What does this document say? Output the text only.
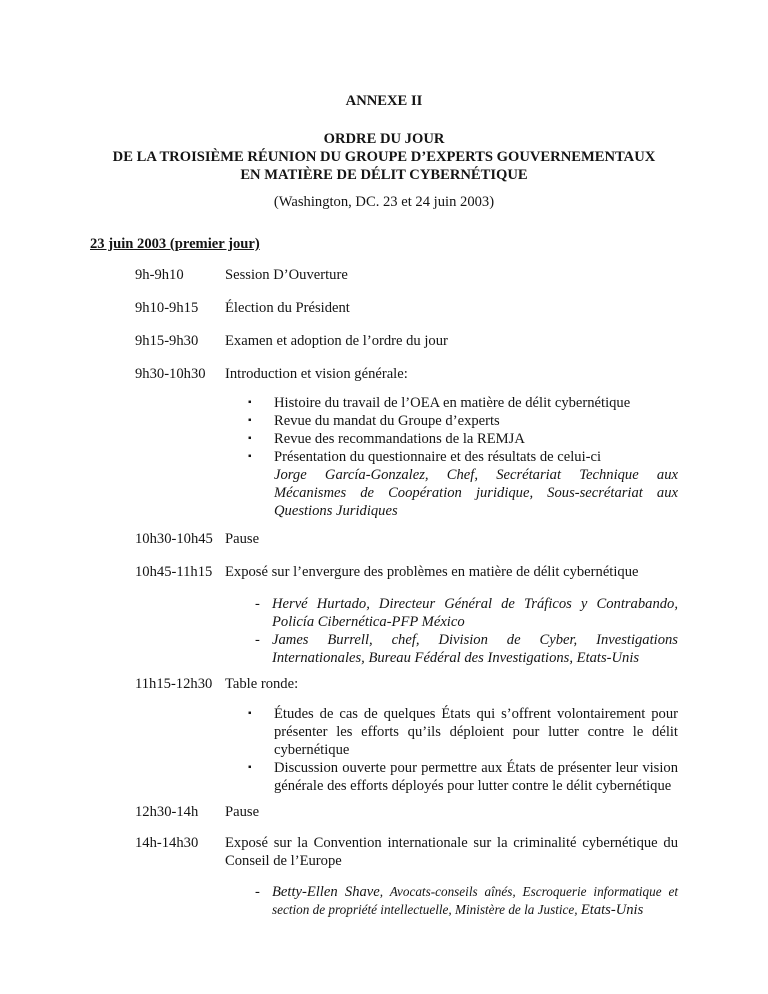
ANNEXE II
ORDRE DU JOUR
DE LA TROISIÈME RÉUNION DU GROUPE D’EXPERTS GOUVERNEMENTAUX
EN MATIÈRE DE DÉLIT CYBERNÉTIQUE
(Washington, DC. 23 et 24 juin 2003)
23 juin 2003 (premier jour)
9h-9h10	Session D’Ouverture
9h10-9h15	Élection du Président
9h15-9h30	Examen et adoption de l’ordre du jour
9h30-10h30	Introduction et vision générale:
▪	Histoire du travail de l’OEA en matière de délit cybernétique
▪	Revue du mandat du Groupe d’experts
▪	Revue des recommandations de la REMJA
▪	Présentation du questionnaire et des résultats de celui-ci
Jorge García-Gonzalez, Chef, Secrétariat Technique aux Mécanismes de Coopération juridique, Sous-secrétariat aux Questions Juridiques
10h30-10h45 Pause
10h45-11h15 Exposé sur l’envergure des problèmes en matière de délit cybernétique
- Hervé Hurtado, Directeur Général de Tráficos y Contrabando, Policía Cibernética-PFP México
- James Burrell, chef, Division de Cyber, Investigations Internationales, Bureau Fédéral des Investigations, Etats-Unis
11h15-12h30 Table ronde:
▪	Études de cas de quelques États qui s’offrent volontairement pour présenter les efforts qu’ils déploient pour lutter contre le délit cybernétique
▪	Discussion ouverte pour permettre aux États de présenter leur vision générale des efforts déployés pour lutter contre le délit cybernétique
12h30-14h	Pause
14h-14h30	Exposé sur la Convention internationale sur la criminalité cybernétique du Conseil de l’Europe
- Betty-Ellen Shave, Avocats-conseils aînés, Escroquerie informatique et section de propriété intellectuelle, Ministère de la Justice, Etats-Unis
